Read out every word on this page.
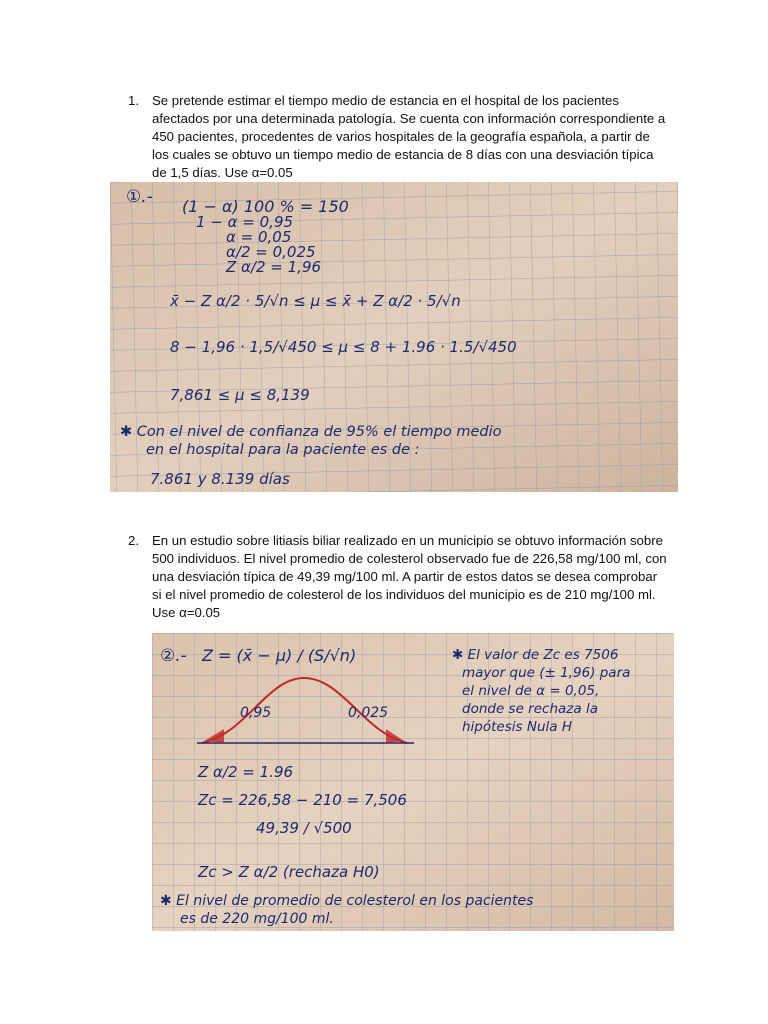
1. Se pretende estimar el tiempo medio de estancia en el hospital de los pacientes afectados por una determinada patología. Se cuenta con información correspondiente a 450 pacientes, procedentes de varios hospitales de la geografía española, a partir de los cuales se obtuvo un tiempo medio de estancia de 8 días con una desviación típica de 1,5 días. Use α=0.05
①.- (1 − α) 100 % = 150
1 − α = 0,95
α = 0,05
α/2 = 0,025
Z α/2 = 1,96
x̄ − Z α/2 · 5/√n ≤ μ ≤ x̄ + Z α/2 · 5/√n
8 − 1,96 · 1,5/√450 ≤ μ ≤ 8 + 1.96 · 1.5/√450
7,861 ≤ μ ≤ 8,139
✱ Con el nivel de confianza de 95% el tiempo medio
en el hospital para la paciente es de :
7.861 y 8.139 días
2. En un estudio sobre litiasis biliar realizado en un municipio se obtuvo información sobre 500 individuos. El nivel promedio de colesterol observado fue de 226,58 mg/100 ml, con una desviación típica de 49,39 mg/100 ml. A partir de estos datos se desea comprobar si el nivel promedio de colesterol de los individuos del municipio es de 210 mg/100 ml. Use α=0.05
②.- Z = (x̄ − μ) / (S/√n)
0,95	0,025
✱ El valor de Zc es 7506
mayor que (± 1,96) para
el nivel de α = 0,05,
donde se rechaza la
hipótesis Nula H
Z α/2 = 1.96
Zc = 226,58 − 210 = 7,506
49,39 / √500
Zc > Z α/2 (rechaza H0)
✱ El nivel de promedio de colesterol en los pacientes
es de 220 mg/100 ml.
